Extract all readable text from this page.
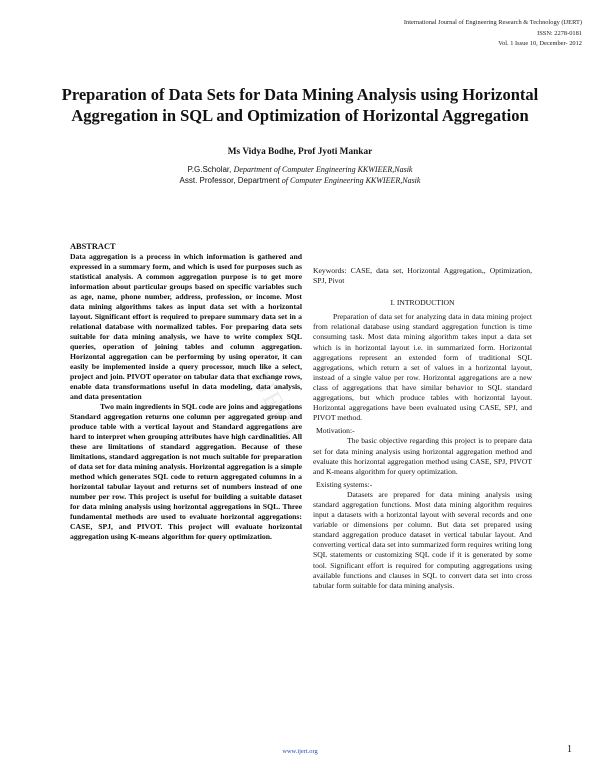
International Journal of Engineering Research & Technology (IJERT)
ISSN: 2278-0181
Vol. 1 Issue 10, December- 2012
Preparation of Data Sets for Data Mining Analysis using Horizontal Aggregation in SQL and Optimization of Horizontal Aggregation
Ms Vidya Bodhe, Prof Jyoti Mankar
P.G.Scholar, Department of Computer Engineering KKWIEER,Nasik
Asst. Professor, Department of Computer Engineering KKWIEER,Nasik
IJERT
ABSTRACT

Data aggregation is a process in which information is gathered and expressed in a summary form, and which is used for purposes such as statistical analysis. A common aggregation purpose is to get more information about particular groups based on specific variables such as age, name, phone number, address, profession, or income. Most data mining algorithms takes as input data set with a horizontal layout. Significant effort is required to prepare summary data set in a relational database with normalized tables. For preparing data sets suitable for data mining analysis, we have to write complex SQL queries, operation of joining tables and column aggregation. Horizontal aggregation can be performing by using operator, it can easily be implemented inside a query processor, much like a select, project and join. PIVOT operator on tabular data that exchange rows, enable data transformations useful in data modeling, data analysis, and data presentation

Two main ingredients in SQL code are joins and aggregations Standard aggregation returns one column per aggregated group and produce table with a vertical layout and Standard aggregations are hard to interpret when grouping attributes have high cardinalities. All these are limitations of standard aggregation. Because of these limitations, standard aggregation is not much suitable for preparation of data set for data mining analysis. Horizontal aggregation is a simple method which generates SQL code to return aggregated columns in a horizontal tabular layout and returns set of numbers instead of one number per row. This project is useful for building a suitable dataset for data mining analysis using horizontal aggregations in SQL. Three fundamental methods are used to evaluate horizontal aggregations: CASE, SPJ, and PIVOT. This project will evaluate horizontal aggregation using K-means algorithm for query optimization.

Keywords: CASE, data set, Horizontal Aggregation,, Optimization, SPJ, Pivot

I. INTRODUCTION

Preparation of data set for analyzing data in data mining project from relational database using standard aggregation function is time consuming task. Most data mining algorithm takes input a data set which is in horizontal layout i.e. in summarized form. Horizontal aggregations represent an extended form of traditional SQL aggregations, which return a set of values in a horizontal layout, instead of a single value per row. Horizontal aggregations are a new class of aggregations that have similar behavior to SQL standard aggregations, but which produce tables with horizontal layout. Horizontal aggregations have been evaluated using CASE, SPJ, and PIVOT method.

Motivation:-

The basic objective regarding this project is to prepare data set for data mining analysis using horizontal aggregation method and evaluate this horizontal aggregation method using CASE, SPJ, PIVOT and K-means algorithm for query optimization.

Existing systems:-

Datasets are prepared for data mining analysis using standard aggregation functions. Most data mining algorithm requires input a datasets with a horizontal layout with several records and one variable or dimensions per column. But data set prepared using standard aggregation produce dataset in vertical tabular layout. And converting vertical data set into summarized form requires writing long SQL statements or customizing SQL code if it is generated by some tool. Significant effort is required for computing aggregations using available functions and clauses in SQL to convert data set into cross tabular form suitable for data mining analysis.

www.ijert.org	1
